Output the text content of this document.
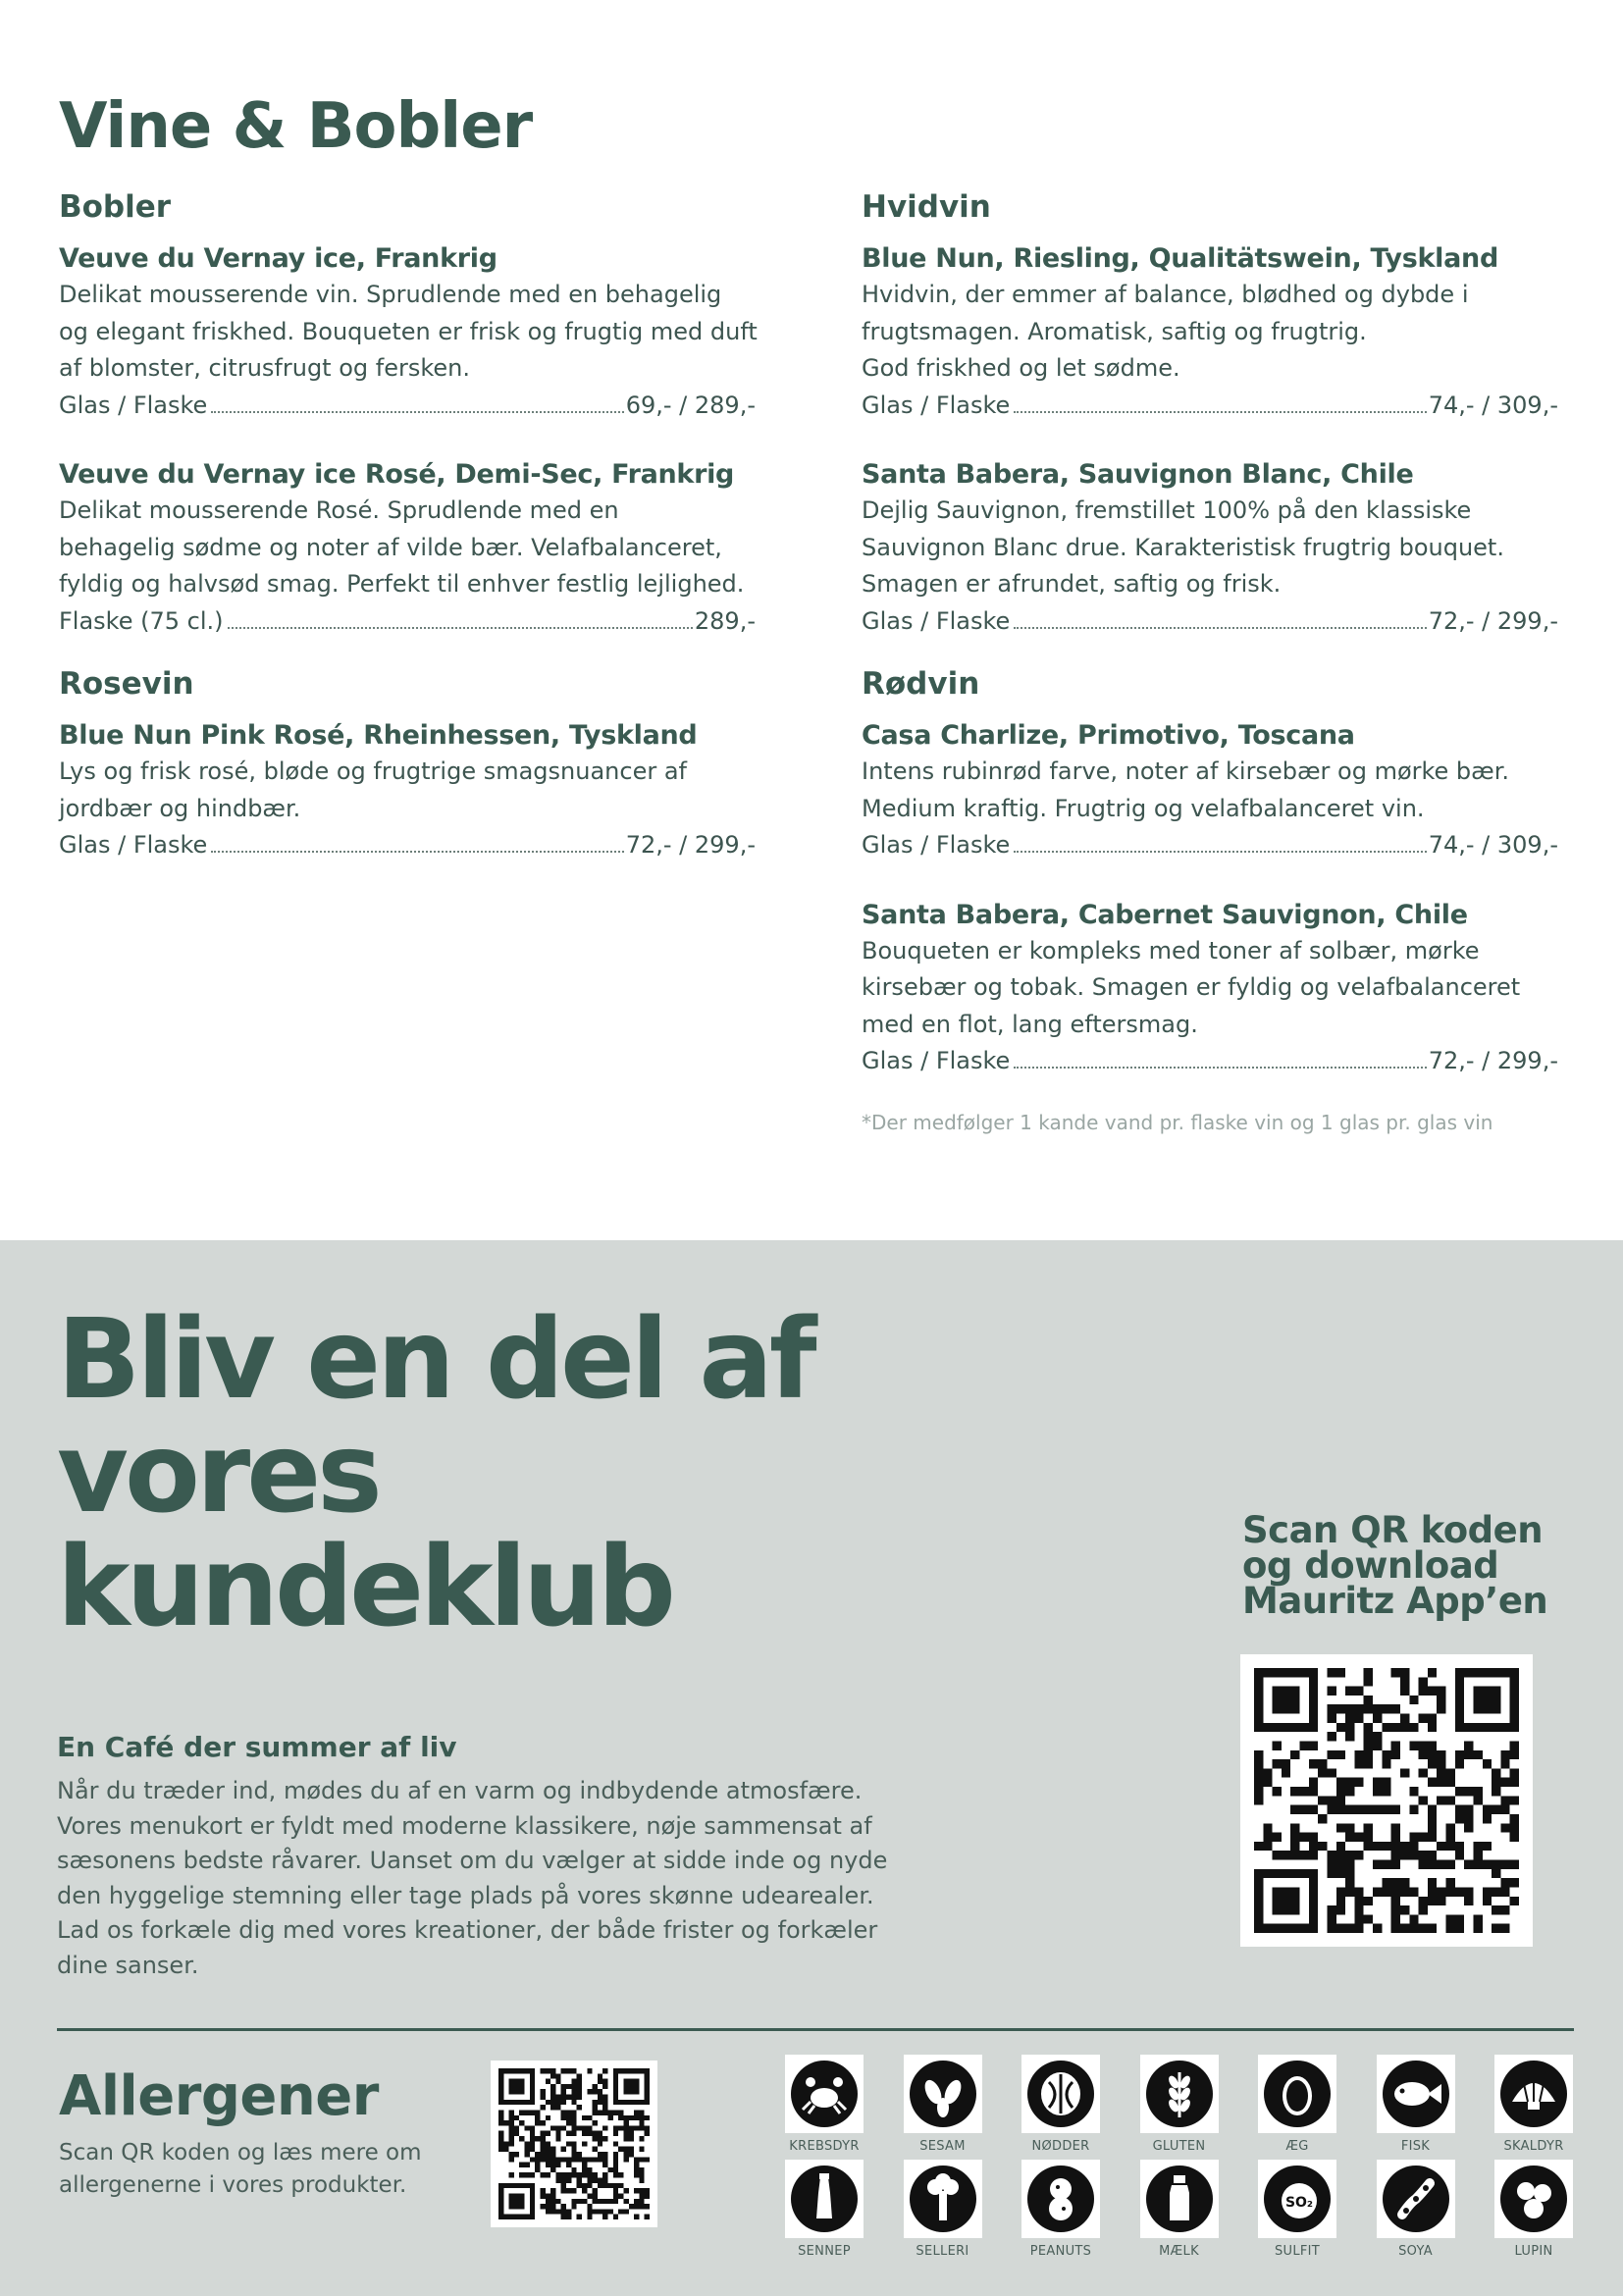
Vine & Bobler
Bobler
Veuve du Vernay ice, Frankrig
Delikat mousserende vin. Sprudlende med en behagelig
og elegant friskhed. Bouqueten er frisk og frugtig med duft
af blomster, citrusfrugt og fersken.
Glas / Flaske	69,- / 289,-
Veuve du Vernay ice Rosé, Demi-Sec, Frankrig
Delikat mousserende Rosé. Sprudlende med en
behagelig sødme og noter af vilde bær. Velafbalanceret,
fyldig og halvsød smag. Perfekt til enhver festlig lejlighed.
Flaske (75 cl.)	289,-
Rosevin
Blue Nun Pink Rosé, Rheinhessen, Tyskland
Lys og frisk rosé, bløde og frugtrige smagsnuancer af
jordbær og hindbær.
Glas / Flaske	72,- / 299,-
Hvidvin
Blue Nun, Riesling, Qualitätswein, Tyskland
Hvidvin, der emmer af balance, blødhed og dybde i
frugtsmagen. Aromatisk, saftig og frugtrig.
God friskhed og let sødme.
Glas / Flaske	74,- / 309,-
Santa Babera, Sauvignon Blanc, Chile
Dejlig Sauvignon, fremstillet 100% på den klassiske
Sauvignon Blanc drue. Karakteristisk frugtrig bouquet.
Smagen er afrundet, saftig og frisk.
Glas / Flaske	72,- / 299,-
Rødvin
Casa Charlize, Primotivo, Toscana
Intens rubinrød farve, noter af kirsebær og mørke bær.
Medium kraftig. Frugtrig og velafbalanceret vin.
Glas / Flaske	74,- / 309,-
Santa Babera, Cabernet Sauvignon, Chile
Bouqueten er kompleks med toner af solbær, mørke
kirsebær og tobak. Smagen er fyldig og velafbalanceret
med en flot, lang eftersmag.
Glas / Flaske	72,- / 299,-
*Der medfølger 1 kande vand pr. flaske vin og 1 glas pr. glas vin
Bliv en del af
vores
kundeklub
En Café der summer af liv

Når du træder ind, mødes du af en varm og indbydende atmosfære. Vores menukort er fyldt med moderne klassikere, nøje sammensat af sæsonens bedste råvarer. Uanset om du vælger at sidde inde og nyde den hyggelige stemning eller tage plads på vores skønne udearealer. Lad os forkæle dig med vores kreationer, der både frister og forkæler dine sanser.

Scan QR koden
og download
Mauritz App’en
Allergener

Scan QR koden og læs mere om allergenerne i vores produkter.

KREBSDYR	SESAM	NØDDER	GLUTEN	ÆG	FISK	SKALDYR
SENNEP	SELLERI	PEANUTS	MÆLK
SO₂
SULFIT	SOYA	LUPIN
